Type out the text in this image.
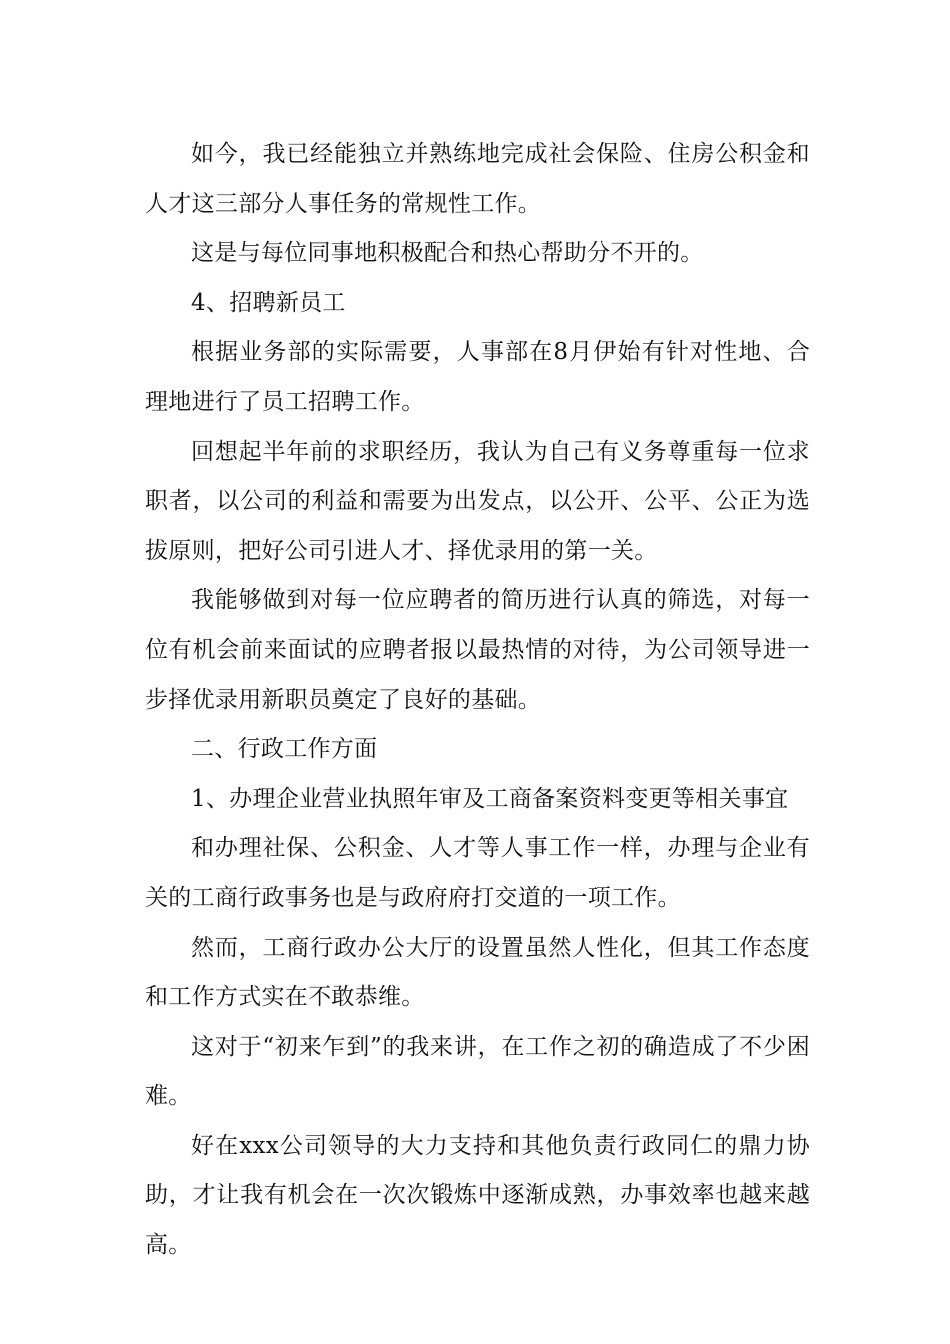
如今，我已经能独立并熟练地完成社会保险、住房公积金和人才这三部分人事任务的常规性工作。

这是与每位同事地积极配合和热心帮助分不开的。

4、招聘新员工

根据业务部的实际需要，人事部在8月伊始有针对性地、合理地进行了员工招聘工作。

回想起半年前的求职经历，我认为自己有义务尊重每一位求职者，以公司的利益和需要为出发点，以公开、公平、公正为选拔原则，把好公司引进人才、择优录用的第一关。

我能够做到对每一位应聘者的简历进行认真的筛选，对每一位有机会前来面试的应聘者报以最热情的对待，为公司领导进一步择优录用新职员奠定了良好的基础。

二、行政工作方面

1、办理企业营业执照年审及工商备案资料变更等相关事宜

和办理社保、公积金、人才等人事工作一样，办理与企业有关的工商行政事务也是与政府府打交道的一项工作。

然而，工商行政办公大厅的设置虽然人性化，但其工作态度和工作方式实在不敢恭维。

这对于“初来乍到”的我来讲，在工作之初的确造成了不少困难。

好在xxx公司领导的大力支持和其他负责行政同仁的鼎力协助，才让我有机会在一次次锻炼中逐渐成熟，办事效率也越来越高。
